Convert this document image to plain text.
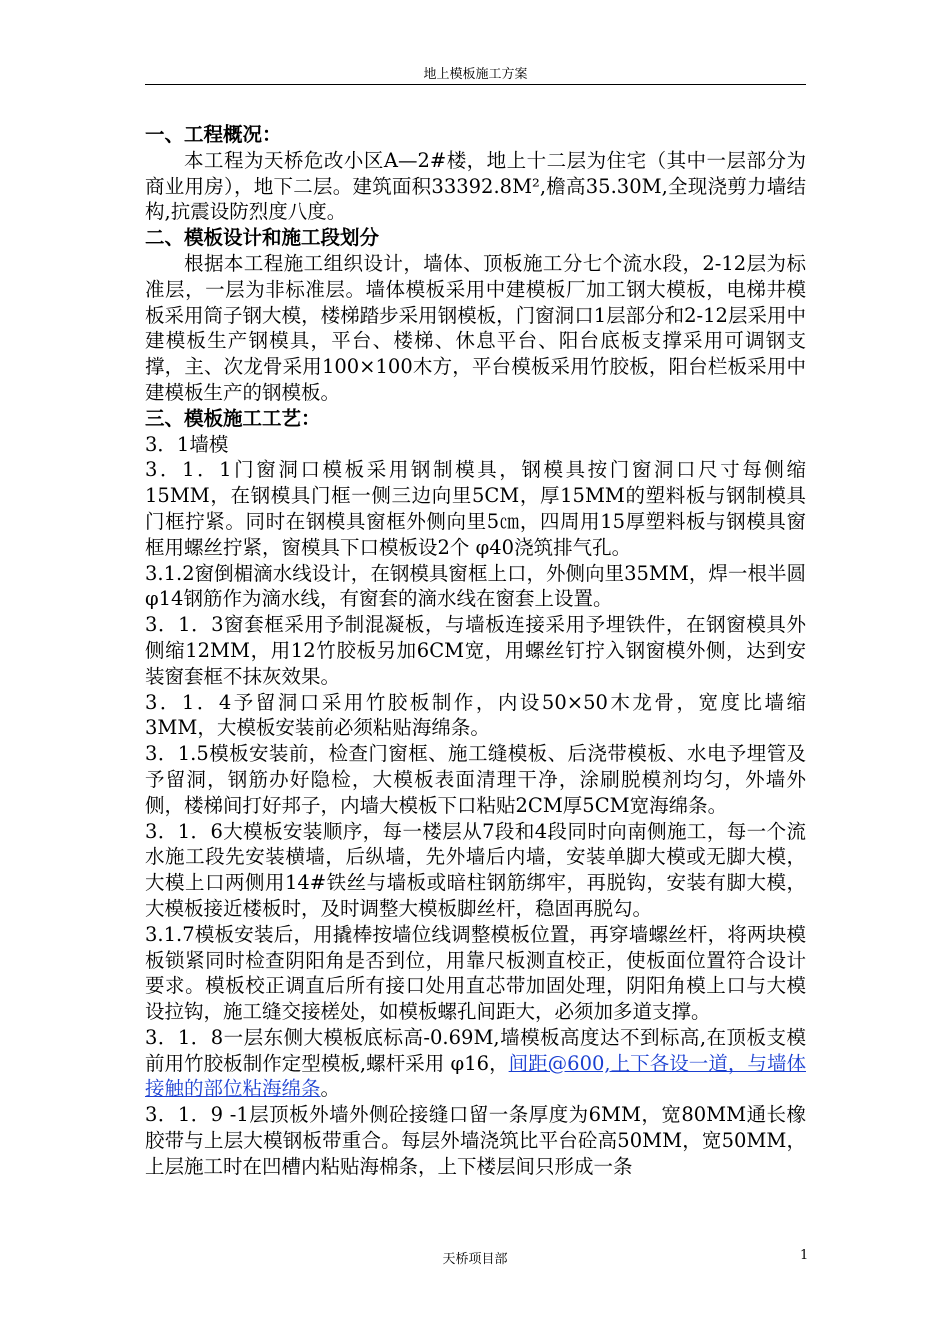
地上模板施工方案

一、工程概况：

本工程为天桥危改小区A—2#楼，地上十二层为住宅（其中一层部分为商业用房），地下二层。建筑面积33392.8M²,檐高35.30M,全现浇剪力墙结构,抗震设防烈度八度。

二、模板设计和施工段划分

根据本工程施工组织设计，墙体、顶板施工分七个流水段，2-12层为标准层，一层为非标准层。墙体模板采用中建模板厂加工钢大模板，电梯井模板采用筒子钢大模，楼梯踏步采用钢模板，门窗洞口1层部分和2-12层采用中建模板生产钢模具，平台、楼梯、休息平台、阳台底板支撑采用可调钢支撑，主、次龙骨采用100×100木方，平台模板采用竹胶板，阳台栏板采用中建模板生产的钢模板。

三、模板施工工艺：

3．1墙模

3．1．1门窗洞口模板采用钢制模具，钢模具按门窗洞口尺寸每侧缩15MM，在钢模具门框一侧三边向里5CM，厚15MM的塑料板与钢制模具门框拧紧。同时在钢模具窗框外侧向里5㎝，四周用15厚塑料板与钢模具窗框用螺丝拧紧，窗模具下口模板设2个 φ40浇筑排气孔。

3.1.2窗倒楣滴水线设计，在钢模具窗框上口，外侧向里35MM，焊一根半圆 φ14钢筋作为滴水线，有窗套的滴水线在窗套上设置。

3．1．3窗套框采用予制混凝板，与墙板连接采用予埋铁件，在钢窗模具外侧缩12MM，用12竹胶板另加6CM宽，用螺丝钉拧入钢窗模外侧，达到安装窗套框不抹灰效果。

3．1．4予留洞口采用竹胶板制作，内设50×50木龙骨，宽度比墙缩3MM，大模板安装前必须粘贴海绵条。

3．1.5模板安装前，检查门窗框、施工缝模板、后浇带模板、水电予埋管及予留洞，钢筋办好隐检，大模板表面清理干净，涂刷脱模剂均匀，外墙外侧，楼梯间打好邦子，内墙大模板下口粘贴2CM厚5CM宽海绵条。

3．1．6大模板安装顺序，每一楼层从7段和4段同时向南侧施工，每一个流水施工段先安装横墙，后纵墙，先外墙后内墙，安装单脚大模或无脚大模，大模上口两侧用14#铁丝与墙板或暗柱钢筋绑牢，再脱钩，安装有脚大模，大模板接近楼板时，及时调整大模板脚丝杆，稳固再脱勾。

3.1.7模板安装后，用撬棒按墙位线调整模板位置，再穿墙螺丝杆，将两块模板锁紧同时检查阴阳角是否到位，用靠尺板测直校正，使板面位置符合设计要求。模板校正调直后所有接口处用直芯带加固处理，阴阳角模上口与大模设拉钩，施工缝交接槎处，如模板螺孔间距大，必须加多道支撑。

3．1．8一层东侧大模板底标高-0.69M,墙模板高度达不到标高,在顶板支模前用竹胶板制作定型模板,螺杆采用 φ16，间距@600,上下各设一道，与墙体接触的部位粘海绵条。

3．1．9 -1层顶板外墙外侧砼接缝口留一条厚度为6MM，宽80MM通长橡胶带与上层大模钢板带重合。每层外墙浇筑比平台砼高50MM，宽50MM，上层施工时在凹槽内粘贴海棉条，上下楼层间只形成一条

天桥项目部	1
